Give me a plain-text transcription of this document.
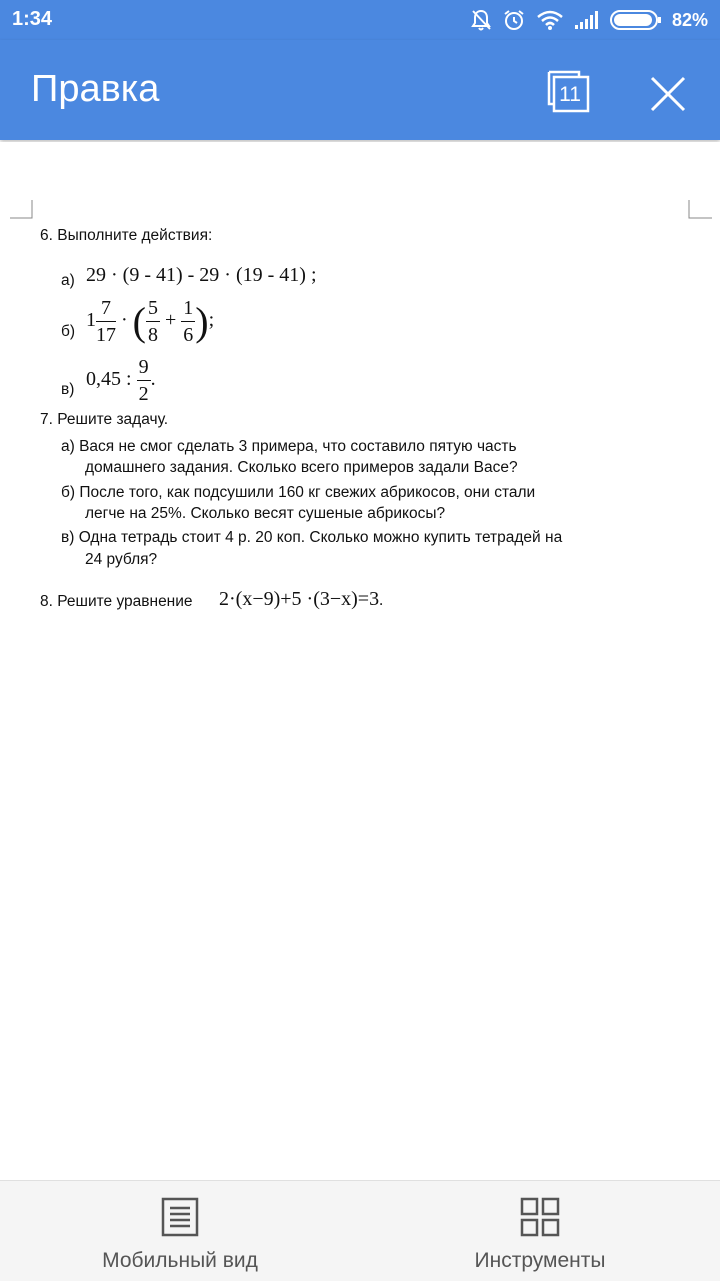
1:34	82%
Правка	11
6. Выполните действия:
а) 29 · (9 - 41) - 29 · (19 - 41) ;
б)
$1 \frac{7}{17}$ · ( $\frac{5}{8} + \frac{1}{6}$ );
в) 0,45 : $\frac{9}{2}$ .
7. Решите задачу.
а) Вася не смог сделать 3 примера, что составило пятую часть
домашнего задания. Сколько всего примеров задали Васе?
б) После того, как подсушили 160 кг свежих абрикосов, они стали
легче на 25%. Сколько весят сушеные абрикосы?
в) Одна тетрадь стоит 4 р. 20 коп. Сколько можно купить тетрадей на
24 рубля?
8. Решите уравнение 2·(x−9)+5 ·(3−x)=3.
Мобильный вид	Инструменты
